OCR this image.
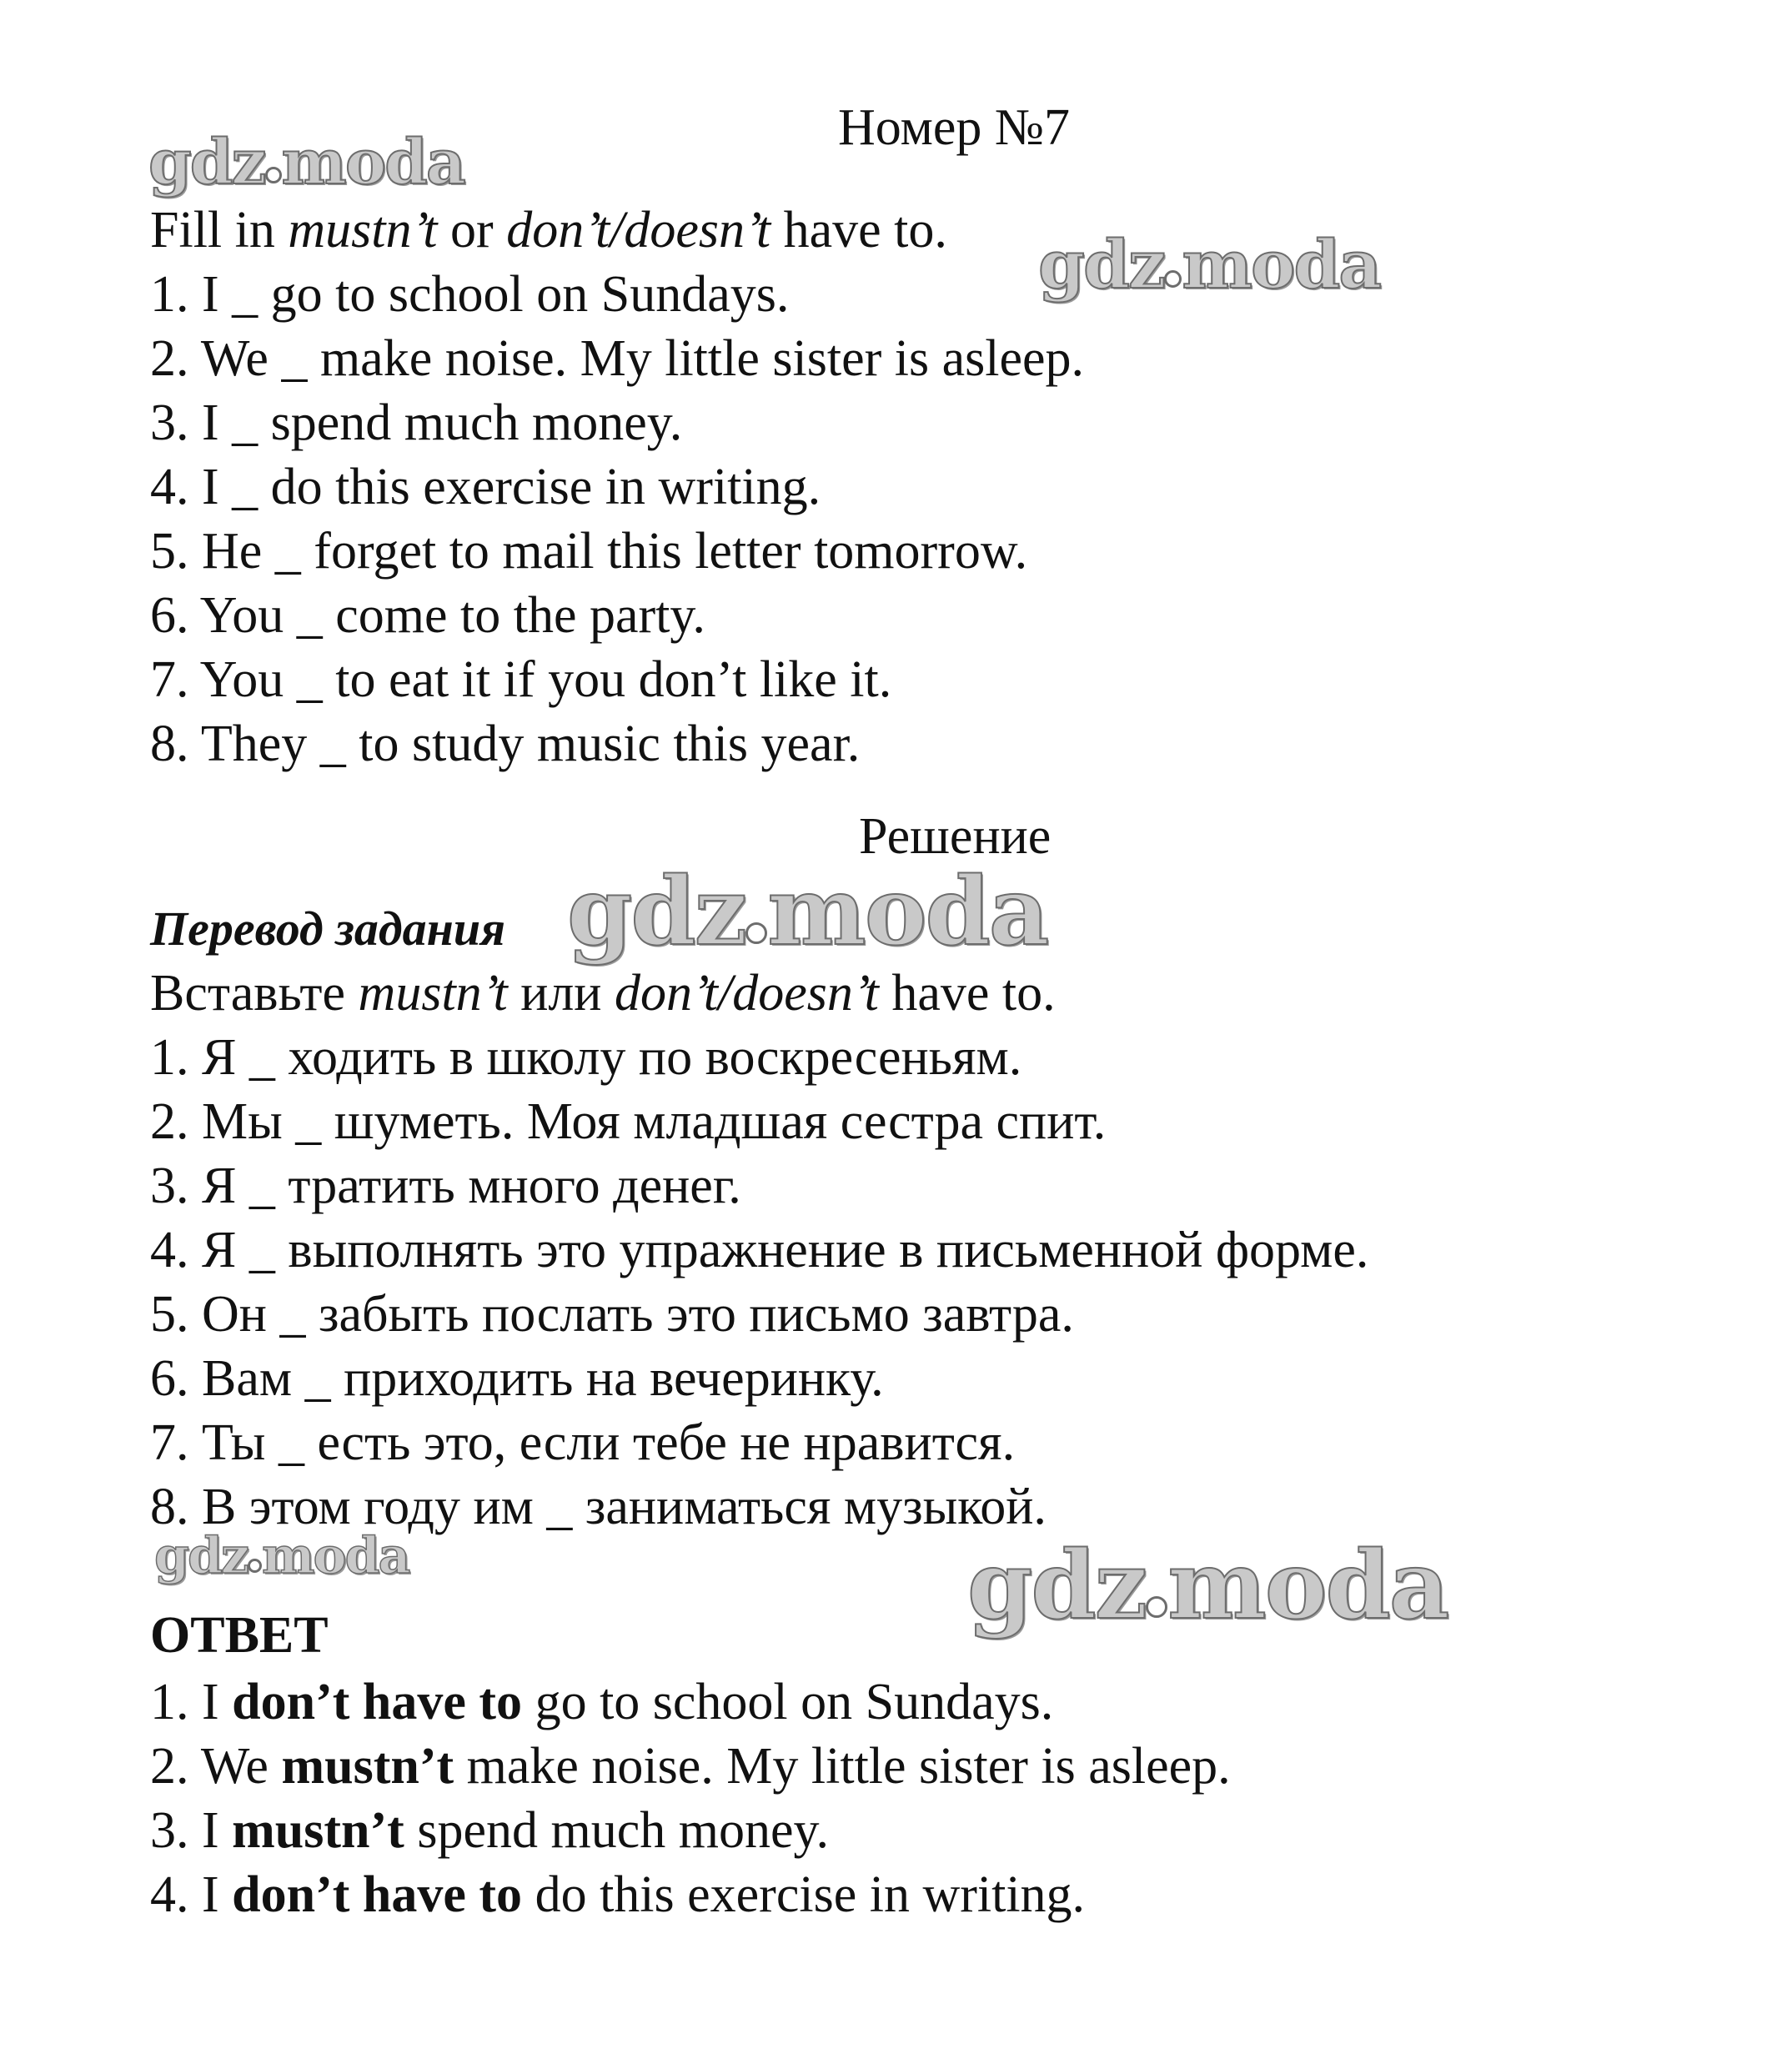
Номер №7
gdz moda
Fill in mustn’t or don’t/doesn’t have to. gdz moda
1. I _ go to school on Sundays.
2. We _ make noise. My little sister is asleep.
3. I _ spend much money.
4. I _ do this exercise in writing.
5. He _ forget to mail this letter tomorrow.
6. You _ come to the party.
7. You _ to eat it if you don’t like it.
8. They _ to study music this year.
Решение
Перевод задания gdz moda
Вставьте mustn’t или don’t/doesn’t have to.
1. Я _ ходить в школу по воскресеньям.
2. Мы _ шуметь. Моя младшая сестра спит.
3. Я _ тратить много денег.
4. Я _ выполнять это упражнение в письменной форме.
5. Он _ забыть послать это письмо завтра.
6. Вам _ приходить на вечеринку.
7. Ты _ есть это, если тебе не нравится.
8. В этом году им _ заниматься музыкой.
gdz moda	gdz moda
ОТВЕТ
1. I don’t have to go to school on Sundays.
2. We mustn’t make noise. My little sister is asleep.
3. I mustn’t spend much money.
4. I don’t have to do this exercise in writing.
